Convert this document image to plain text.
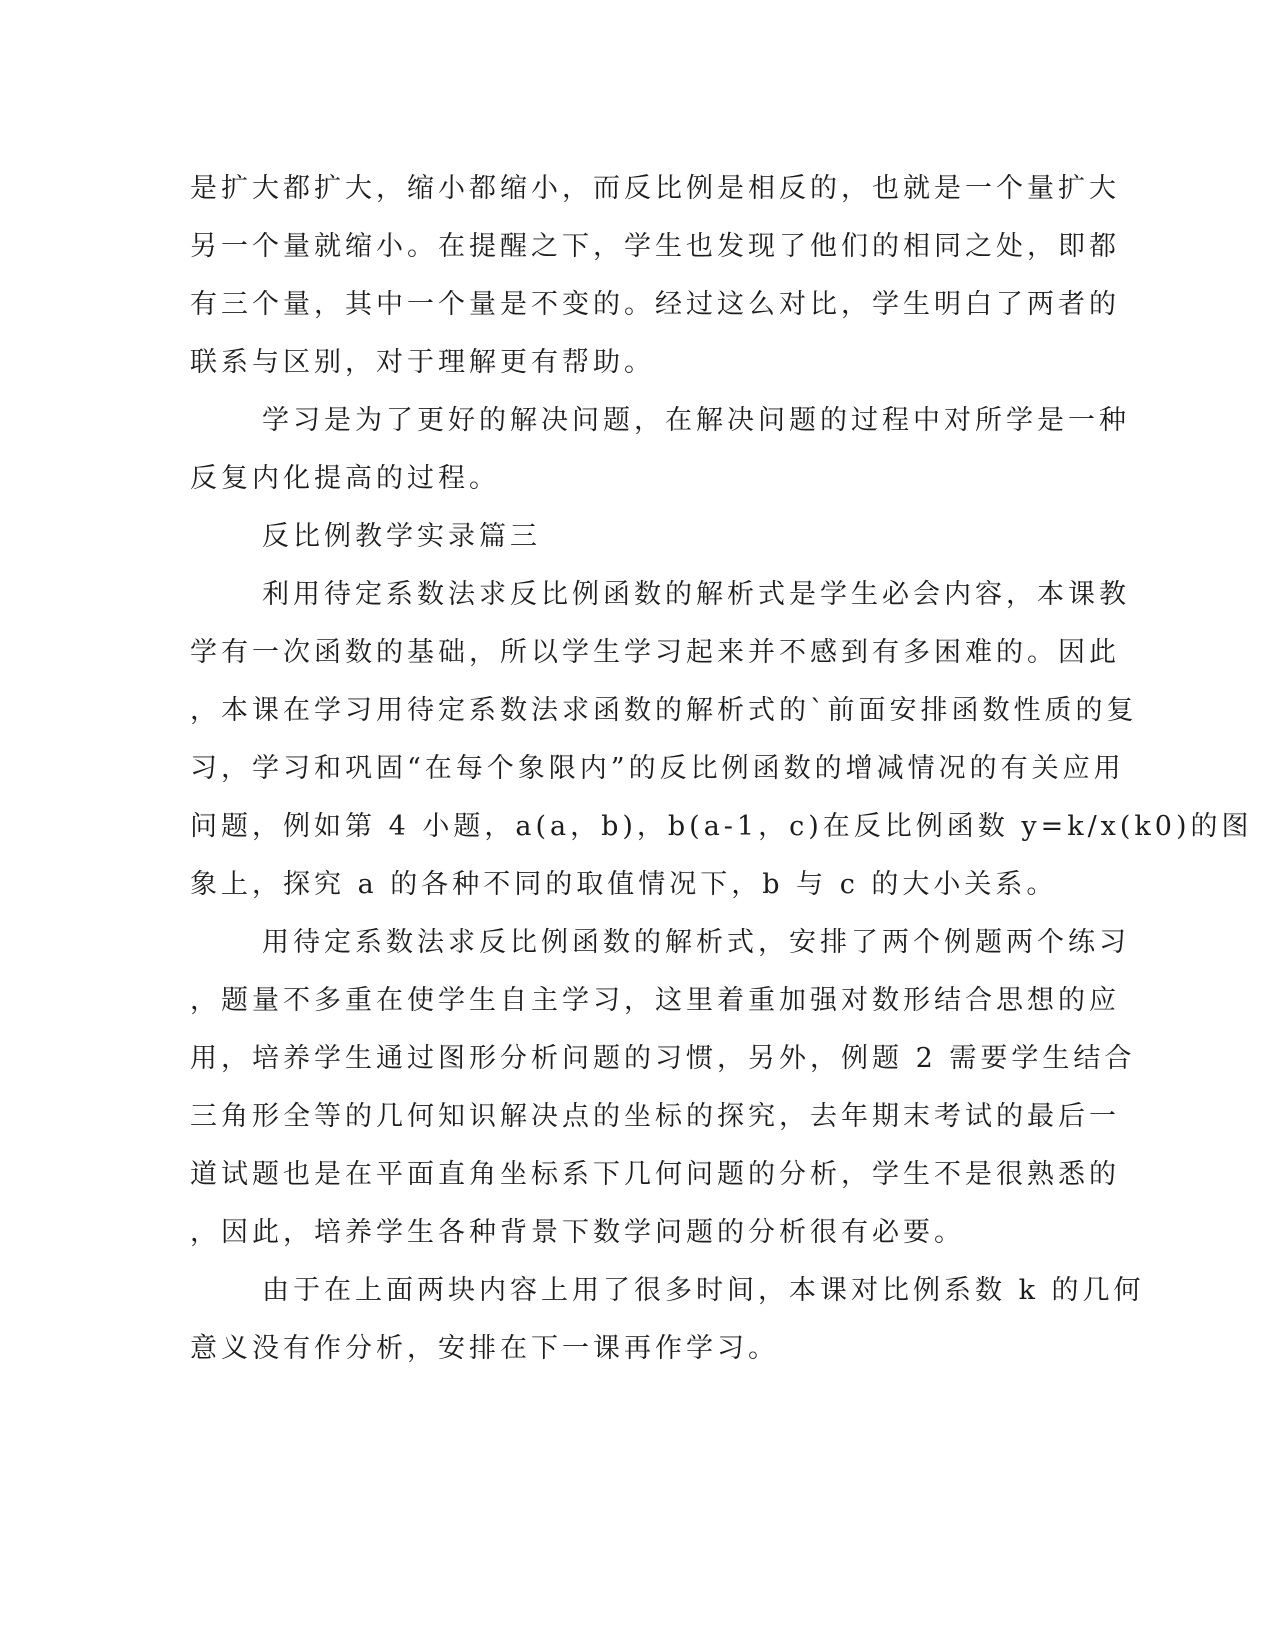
是扩大都扩大，缩小都缩小，而反比例是相反的，也就是一个量扩大
另一个量就缩小。在提醒之下，学生也发现了他们的相同之处，即都
有三个量，其中一个量是不变的。经过这么对比，学生明白了两者的
联系与区别，对于理解更有帮助。
学习是为了更好的解决问题，在解决问题的过程中对所学是一种
反复内化提高的过程。
反比例教学实录篇三
利用待定系数法求反比例函数的解析式是学生必会内容，本课教
学有一次函数的基础，所以学生学习起来并不感到有多困难的。因此
，本课在学习用待定系数法求函数的解析式的`前面安排函数性质的复
习，学习和巩固“在每个象限内”的反比例函数的增减情况的有关应用
问题，例如第 4 小题，a(a，b)，b(a-1，c)在反比例函数 y=k/x(k0)的图
象上，探究 a 的各种不同的取值情况下，b 与 c 的大小关系。
用待定系数法求反比例函数的解析式，安排了两个例题两个练习
，题量不多重在使学生自主学习，这里着重加强对数形结合思想的应
用，培养学生通过图形分析问题的习惯，另外，例题 2 需要学生结合
三角形全等的几何知识解决点的坐标的探究，去年期末考试的最后一
道试题也是在平面直角坐标系下几何问题的分析，学生不是很熟悉的
，因此，培养学生各种背景下数学问题的分析很有必要。
由于在上面两块内容上用了很多时间，本课对比例系数 k 的几何
意义没有作分析，安排在下一课再作学习。
